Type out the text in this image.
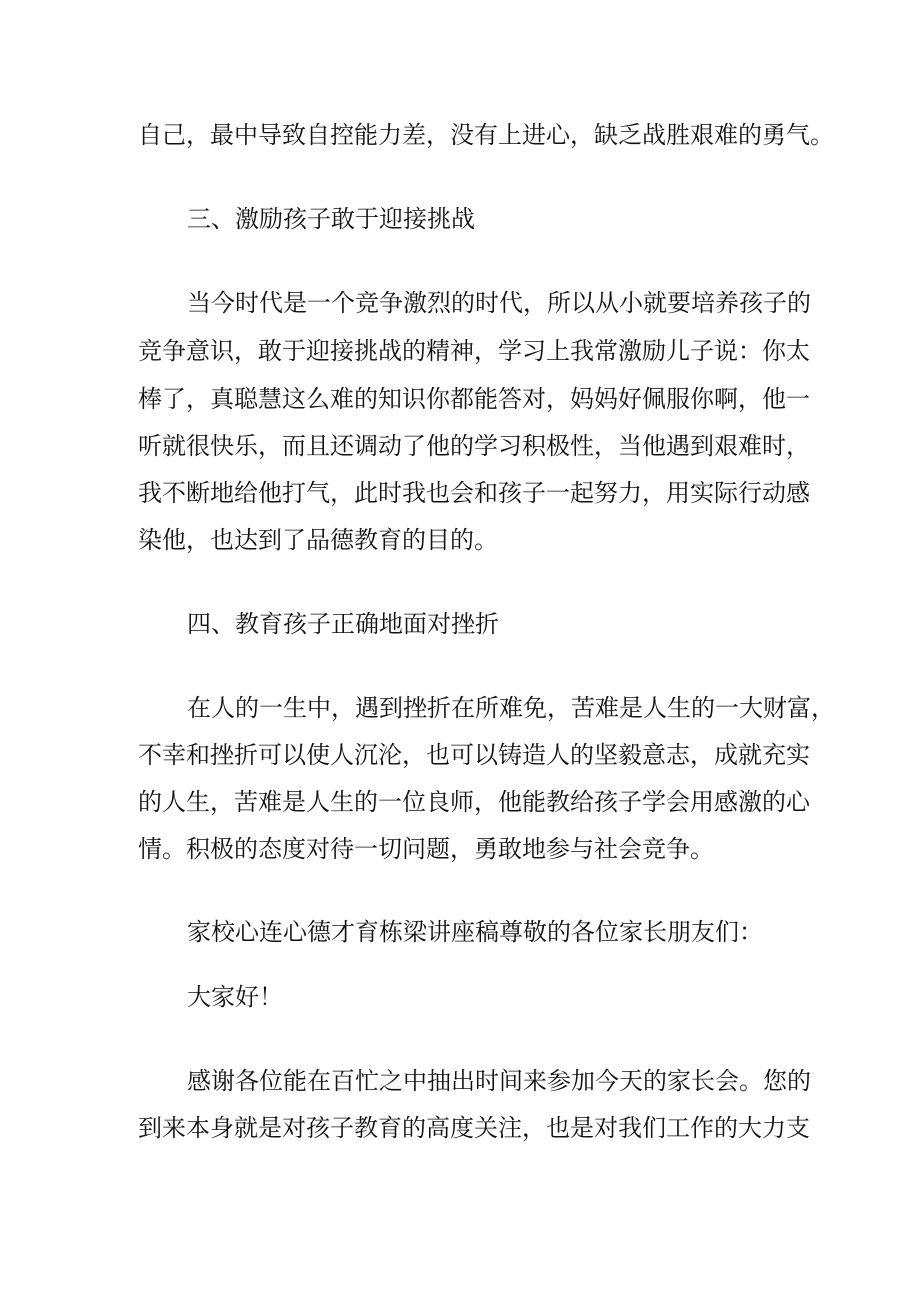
自己，最中导致自控能力差，没有上进心，缺乏战胜艰难的勇气。

三、激励孩子敢于迎接挑战

当今时代是一个竞争激烈的时代，所以从小就要培养孩子的

竞争意识，敢于迎接挑战的精神，学习上我常激励儿子说：你太

棒了，真聪慧这么难的知识你都能答对，妈妈好佩服你啊，他一

听就很快乐，而且还调动了他的学习积极性，当他遇到艰难时，

我不断地给他打气，此时我也会和孩子一起努力，用实际行动感

染他，也达到了品德教育的目的。

四、教育孩子正确地面对挫折

在人的一生中，遇到挫折在所难免，苦难是人生的一大财富，

不幸和挫折可以使人沉沦，也可以铸造人的坚毅意志，成就充实

的人生，苦难是人生的一位良师，他能教给孩子学会用感激的心

情。积极的态度对待一切问题，勇敢地参与社会竞争。

家校心连心德才育栋梁讲座稿尊敬的各位家长朋友们：

大家好！

感谢各位能在百忙之中抽出时间来参加今天的家长会。您的

到来本身就是对孩子教育的高度关注，也是对我们工作的大力支
